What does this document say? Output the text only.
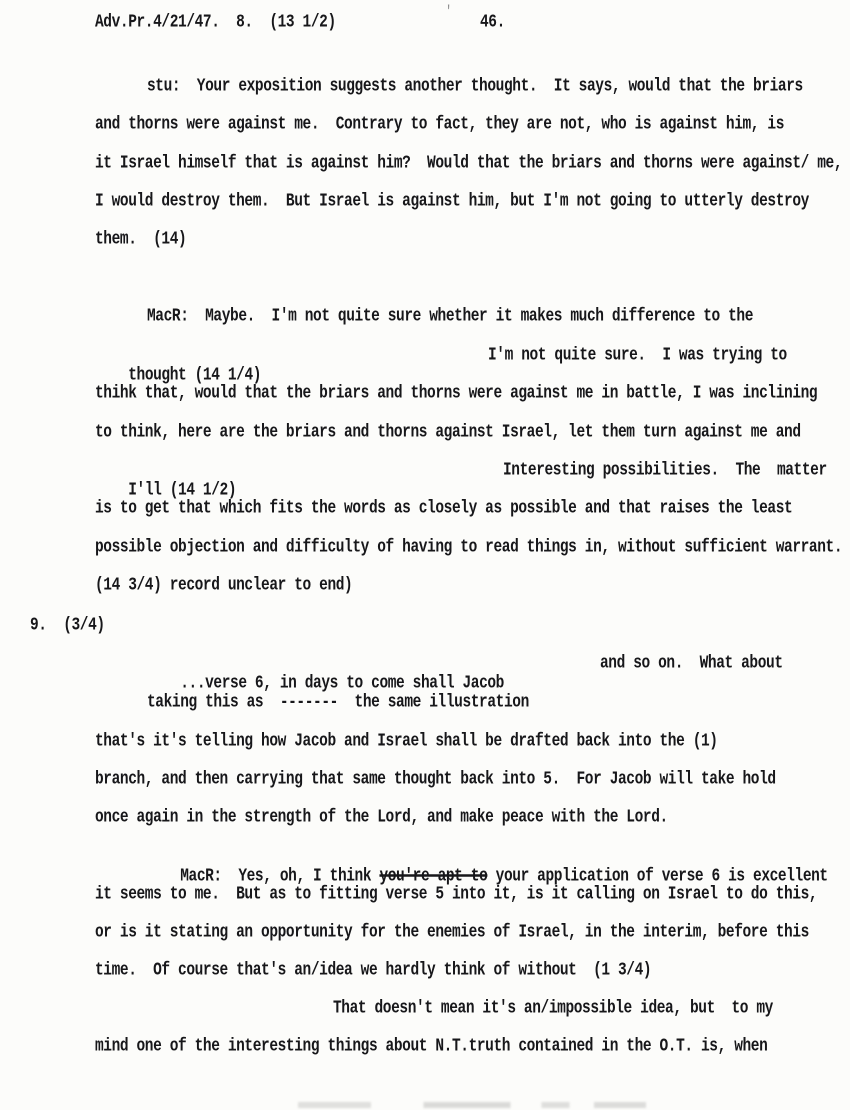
Adv.Pr.4/21/47.  8.  (13 1/2)
'
46.
stu:  Your exposition suggests another thought.  It says, would that the briars
and thorns were against me.  Contrary to fact, they are not, who is against him, is
it Israel himself that is against him?  Would that the briars and thorns were against/ me,
I would destroy them.  But Israel is against him, but I'm not going to utterly destroy
them.  (14)
MacR:  Maybe.  I'm not quite sure whether it makes much difference to the

thought (14 1/4)

I'm not quite sure.  I was trying to

thihk that, would that the briars and thorns were against me in battle, I was inclining
to think, here are the briars and thorns against Israel, let them turn against me and

I'll (14 1/2)

Interesting possibilities.  The  matter

is to get that which fits the words as closely as possible and that raises the least
possible objection and difficulty of having to read things in, without sufficient warrant.
(14 3/4) record unclear to end)
9.  (3/4)

...verse 6, in days to come shall Jacob

and so on.  What about

taking this as  -------  the same illustration
that's it's telling how Jacob and Israel shall be drafted back into the (1)
branch, and then carrying that same thought back into 5.  For Jacob will take hold
once again in the strength of the Lord, and make peace with the Lord.

MacR:  Yes, oh, I think you're apt to your application of verse 6 is excellent

it seems to me.  But as to fitting verse 5 into it, is it calling on Israel to do this,
or is it stating an opportunity for the enemies of Israel, in the interim, before this
time.  Of course that's an/idea we hardly think of without  (1 3/4)
That doesn't mean it's an/impossible idea, but  to my
mind one of the interesting things about N.T.truth contained in the O.T. is, when
